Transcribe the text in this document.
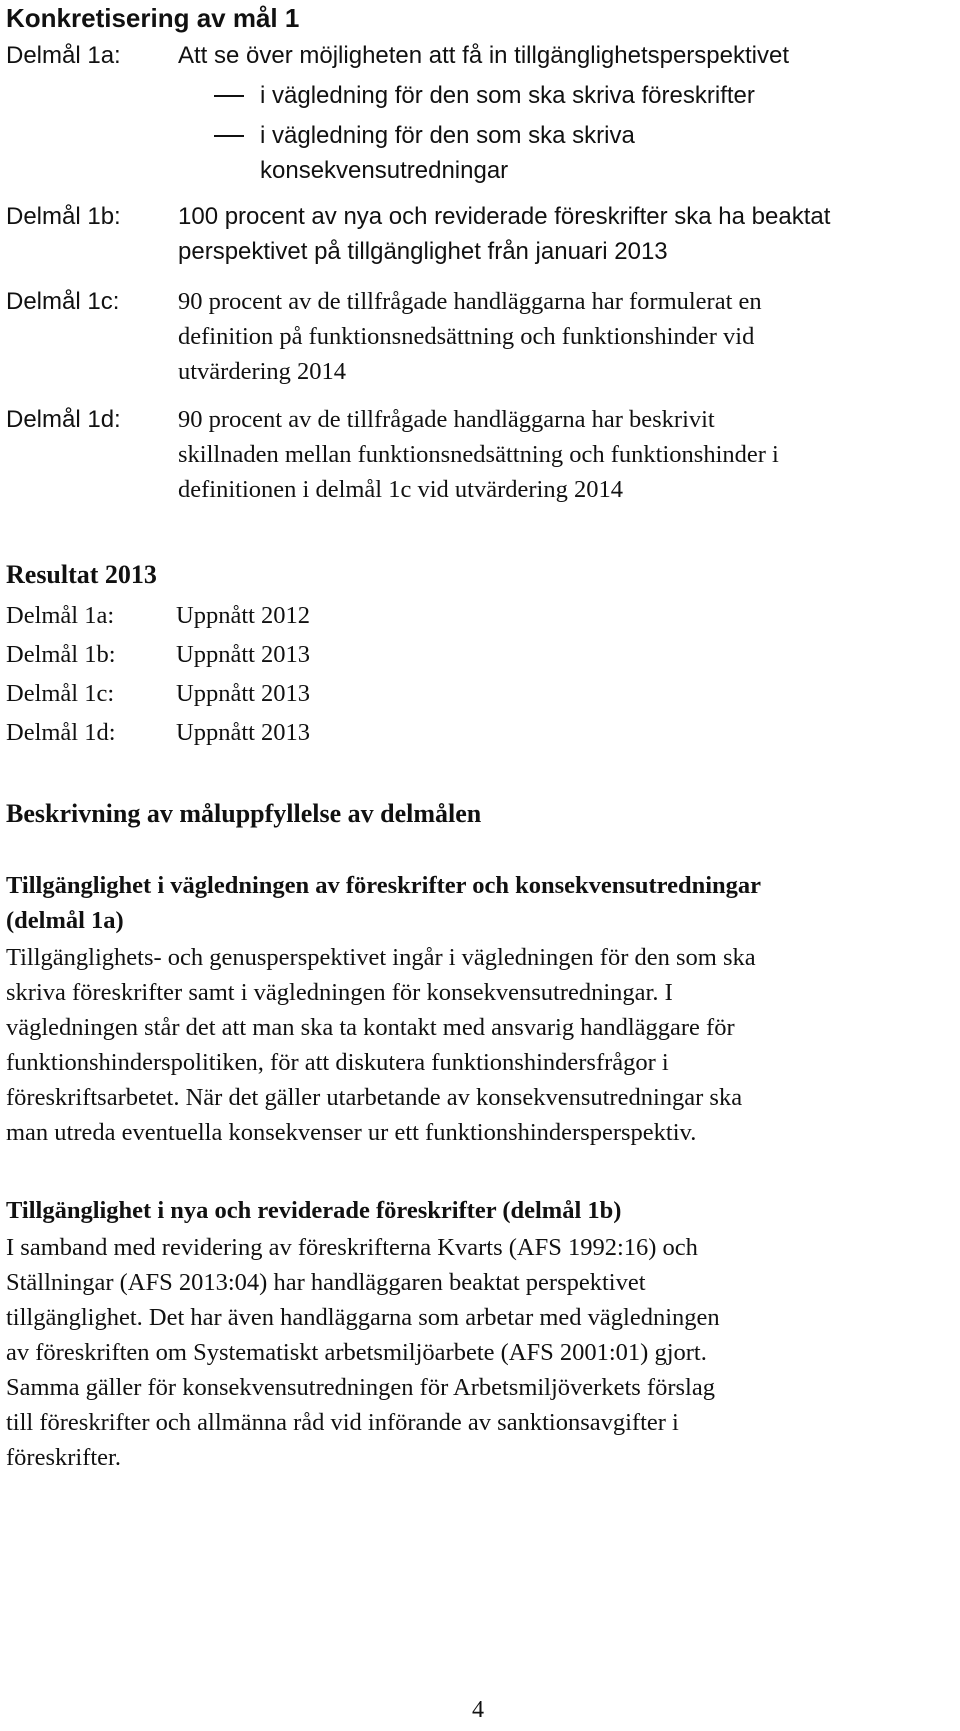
Konkretisering av mål 1
Delmål 1a:	Att se över möjligheten att få in tillgänglighetsperspektivet
i vägledning för den som ska skriva föreskrifter
i vägledning för den som ska skriva
konsekvensutredningar
Delmål 1b:	100 procent av nya och reviderade föreskrifter ska ha beaktat
perspektivet på tillgänglighet från januari 2013
Delmål 1c:	90 procent av de tillfrågade handläggarna har formulerat en
definition på funktionsnedsättning och funktionshinder vid
utvärdering 2014
Delmål 1d:	90 procent av de tillfrågade handläggarna har beskrivit
skillnaden mellan funktionsnedsättning och funktionshinder i
definitionen i delmål 1c vid utvärdering 2014
Resultat 2013
Delmål 1a:	Uppnått 2012
Delmål 1b:	Uppnått 2013
Delmål 1c:	Uppnått 2013
Delmål 1d:	Uppnått 2013
Beskrivning av måluppfyllelse av delmålen
Tillgänglighet i vägledningen av föreskrifter och konsekvensutredningar
(delmål 1a)
Tillgänglighets- och genusperspektivet ingår i vägledningen för den som ska
skriva föreskrifter samt i vägledningen för konsekvensutredningar. I
vägledningen står det att man ska ta kontakt med ansvarig handläggare för
funktionshinderspolitiken, för att diskutera funktionshindersfrågor i
föreskriftsarbetet. När det gäller utarbetande av konsekvensutredningar ska
man utreda eventuella konsekvenser ur ett funktionshindersperspektiv.
Tillgänglighet i nya och reviderade föreskrifter (delmål 1b)
I samband med revidering av föreskrifterna Kvarts (AFS 1992:16) och
Ställningar (AFS 2013:04) har handläggaren beaktat perspektivet
tillgänglighet. Det har även handläggarna som arbetar med vägledningen
av föreskriften om Systematiskt arbetsmiljöarbete (AFS 2001:01) gjort.
Samma gäller för konsekvensutredningen för Arbetsmiljöverkets förslag
till föreskrifter och allmänna råd vid införande av sanktionsavgifter i
föreskrifter.
4
